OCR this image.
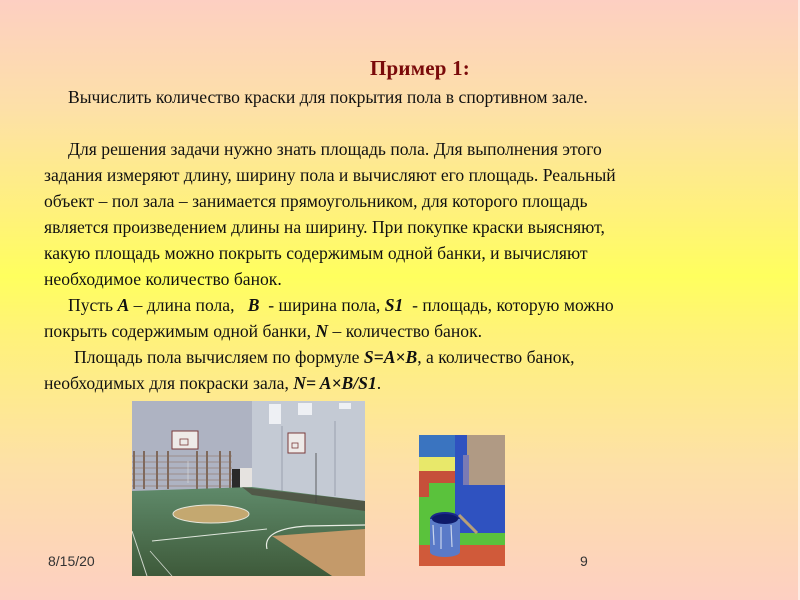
Пример 1:
Вычислить количество краски для покрытия пола в спортивном зале.
Для решения задачи нужно знать площадь пола. Для выполнения этого
задания измеряют длину, ширину пола и вычисляют его площадь. Реальный
объект – пол зала – занимается прямоугольником, для которого площадь
является произведением длины на ширину. При покупке краски выясняют,
какую площадь можно покрыть содержимым одной банки, и вычисляют
необходимое количество банок.
Пусть A – длина пола,   B  - ширина пола, S1  - площадь, которую можно
покрыть содержимым одной банки, N – количество банок.
Площадь пола вычисляем по формуле S=A×B, а количество банок,
необходимых для покраски зала, N= A×B/S1.
8/15/20	9
